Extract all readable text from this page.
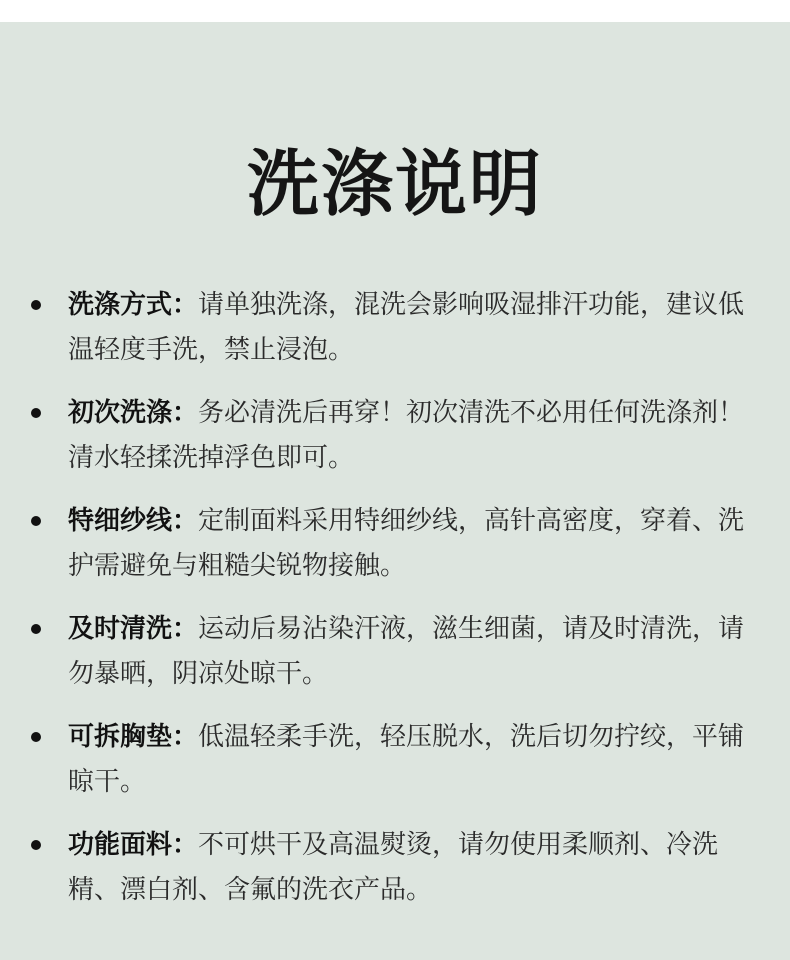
洗涤说明
洗涤方式：请单独洗涤，混洗会影响吸湿排汗功能，建议低温轻度手洗，禁止浸泡。
初次洗涤：务必清洗后再穿！初次清洗不必用任何洗涤剂！清水轻揉洗掉浮色即可。
特细纱线：定制面料采用特细纱线，高针高密度，穿着、洗护需避免与粗糙尖锐物接触。
及时清洗：运动后易沾染汗液，滋生细菌，请及时清洗，请勿暴晒，阴凉处晾干。
可拆胸垫：低温轻柔手洗，轻压脱水，洗后切勿拧绞，平铺晾干。
功能面料：不可烘干及高温熨烫，请勿使用柔顺剂、冷洗精、漂白剂、含氟的洗衣产品。
